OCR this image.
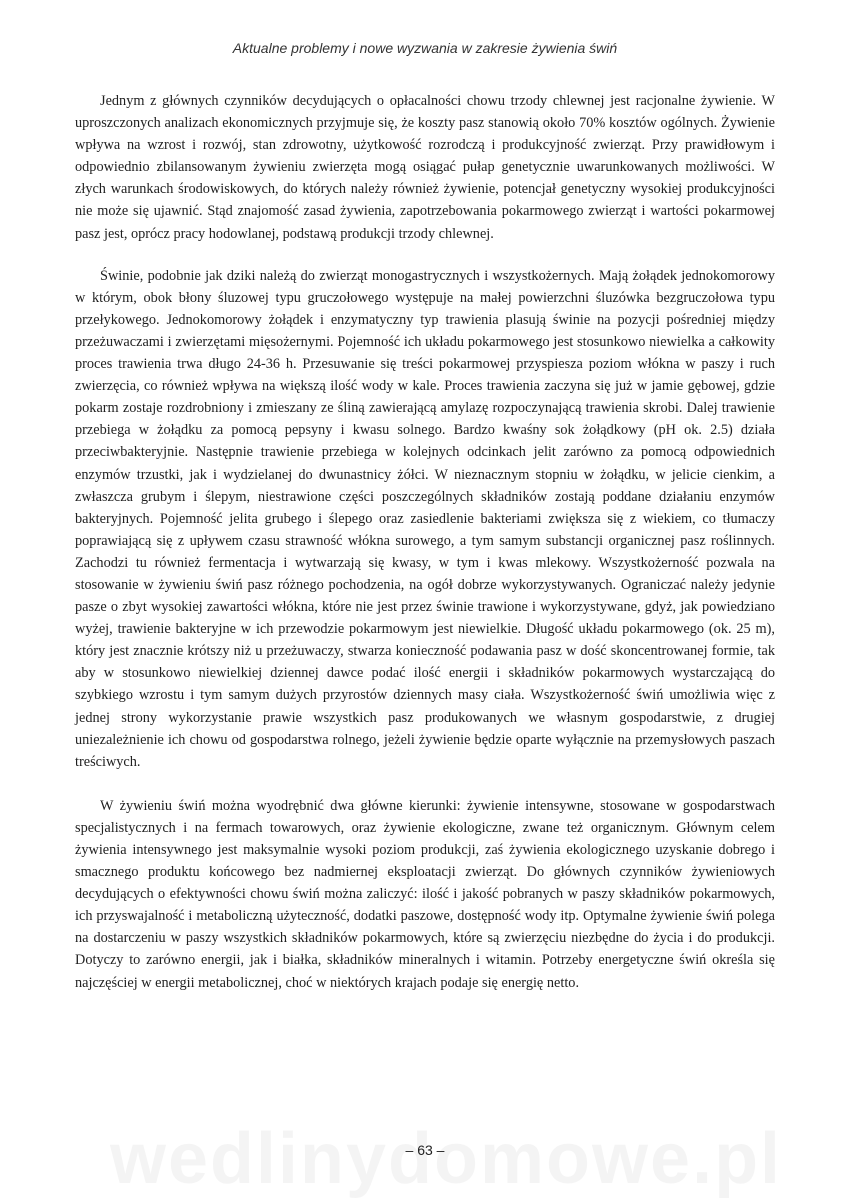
Aktualne problemy i nowe wyzwania w zakresie żywienia świń

Jednym z głównych czynników decydujących o opłacalności chowu trzody chlewnej jest racjonalne żywienie. W uproszczonych analizach ekonomicznych przyjmuje się, że koszty pasz stanowią około 70% kosztów ogólnych. Żywienie wpływa na wzrost i rozwój, stan zdrowotny, użytkowość rozrodczą i produkcyjność zwierząt. Przy prawidłowym i odpowiednio zbilansowanym żywieniu zwierzęta mogą osiągać pułap genetycznie uwarunkowanych możliwości. W złych warunkach środowiskowych, do których należy również żywienie, potencjał genetyczny wysokiej produkcyjności nie może się ujawnić. Stąd znajomość zasad żywienia, zapotrzebowania pokarmowego zwierząt i wartości pokarmowej pasz jest, oprócz pracy hodowlanej, podstawą produkcji trzody chlewnej.

Świnie, podobnie jak dziki należą do zwierząt monogastrycznych i wszystkożernych. Mają żołądek jednokomorowy w którym, obok błony śluzowej typu gruczołowego występuje na małej powierzchni śluzówka bezgruczołowa typu przełykowego. Jednokomorowy żołądek i enzymatyczny typ trawienia plasują świnie na pozycji pośredniej między przeżuwaczami i zwierzętami mięsożernymi. Pojemność ich układu pokarmowego jest stosunkowo niewielka a całkowity proces trawienia trwa długo 24-36 h. Przesuwanie się treści pokarmowej przyspiesza poziom włókna w paszy i ruch zwierzęcia, co również wpływa na większą ilość wody w kale. Proces trawienia zaczyna się już w jamie gębowej, gdzie pokarm zostaje rozdrobniony i zmieszany ze śliną zawierającą amylazę rozpoczynającą trawienia skrobi. Dalej trawienie przebiega w żołądku za pomocą pepsyny i kwasu solnego. Bardzo kwaśny sok żołądkowy (pH ok. 2.5) działa przeciwbakteryjnie. Następnie trawienie przebiega w kolejnych odcinkach jelit zarówno za pomocą odpowiednich enzymów trzustki, jak i wydzielanej do dwunastnicy żółci. W nieznacznym stopniu w żołądku, w jelicie cienkim, a zwłaszcza grubym i ślepym, niestrawione części poszczególnych składników zostają poddane działaniu enzymów bakteryjnych. Pojemność jelita grubego i ślepego oraz zasiedlenie bakteriami zwiększa się z wiekiem, co tłumaczy poprawiającą się z upływem czasu strawność włókna surowego, a tym samym substancji organicznej pasz roślinnych. Zachodzi tu również fermentacja i wytwarzają się kwasy, w tym i kwas mlekowy. Wszystkożerność pozwala na stosowanie w żywieniu świń pasz różnego pochodzenia, na ogół dobrze wykorzystywanych. Ograniczać należy jedynie pasze o zbyt wysokiej zawartości włókna, które nie jest przez świnie trawione i wykorzystywane, gdyż, jak powiedziano wyżej, trawienie bakteryjne w ich przewodzie pokarmowym jest niewielkie. Długość układu pokarmowego (ok. 25 m), który jest znacznie krótszy niż u przeżuwaczy, stwarza konieczność podawania pasz w dość skoncentrowanej formie, tak aby w stosunkowo niewielkiej dziennej dawce podać ilość energii i składników pokarmowych wystarczającą do szybkiego wzrostu i tym samym dużych przyrostów dziennych masy ciała. Wszystkożerność świń umożliwia więc z jednej strony wykorzystanie prawie wszystkich pasz produkowanych we własnym gospodarstwie, z drugiej uniezależnienie ich chowu od gospodarstwa rolnego, jeżeli żywienie będzie oparte wyłącznie na przemysłowych paszach treściwych.

W żywieniu świń można wyodrębnić dwa główne kierunki: żywienie intensywne, stosowane w gospodarstwach specjalistycznych i na fermach towarowych, oraz żywienie ekologiczne, zwane też organicznym. Głównym celem żywienia intensywnego jest maksymalnie wysoki poziom produkcji, zaś żywienia ekologicznego uzyskanie dobrego i smacznego produktu końcowego bez nadmiernej eksploatacji zwierząt. Do głównych czynników żywieniowych decydujących o efektywności chowu świń można zaliczyć: ilość i jakość pobranych w paszy składników pokarmowych, ich przyswajalność i metaboliczną użyteczność, dodatki paszowe, dostępność wody itp. Optymalne żywienie świń polega na dostarczeniu w paszy wszystkich składników pokarmowych, które są zwierzęciu niezbędne do życia i do produkcji. Dotyczy to zarówno energii, jak i białka, składników mineralnych i witamin. Potrzeby energetyczne świń określa się najczęściej w energii metabolicznej, choć w niektórych krajach podaje się energię netto.

– 63 –
